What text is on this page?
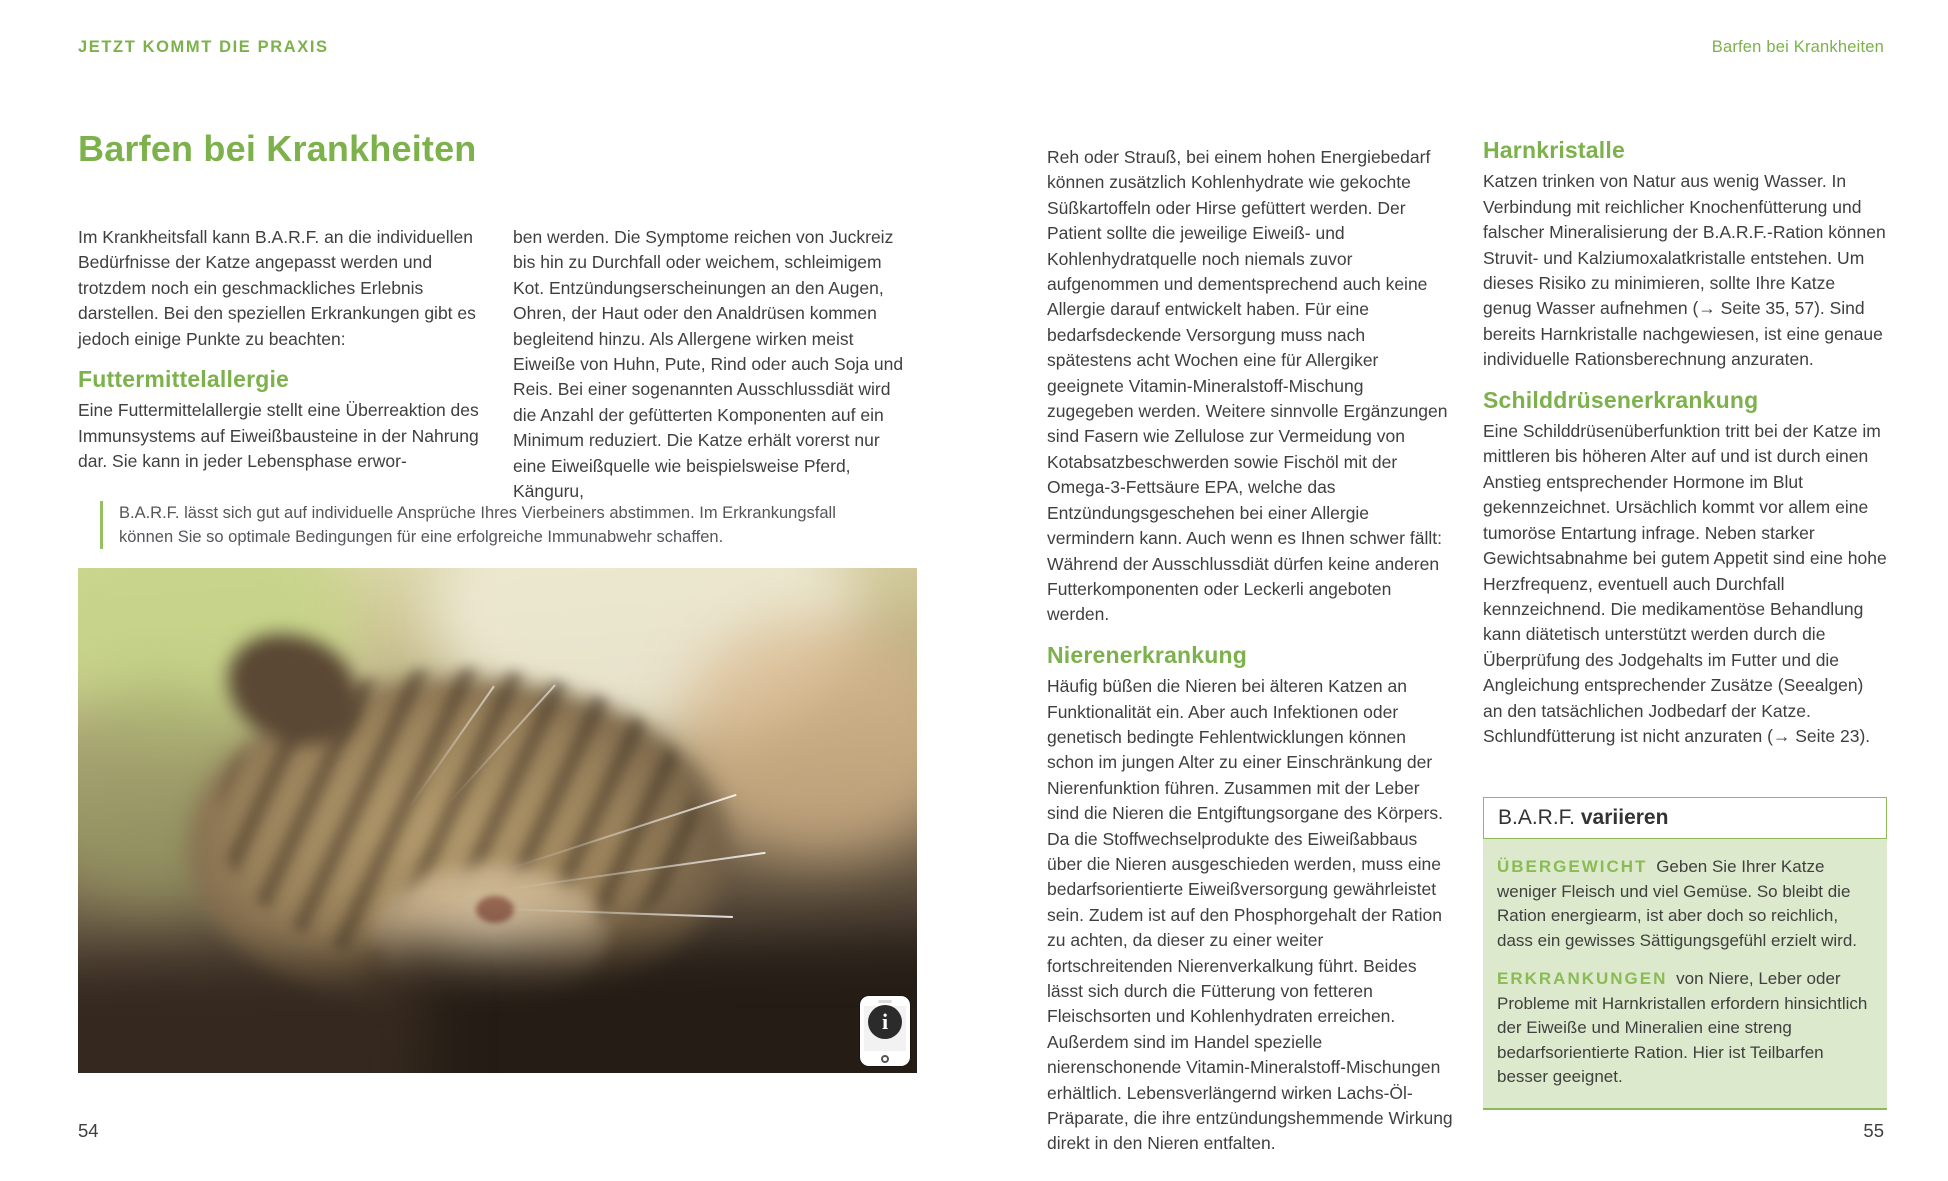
JETZT KOMMT DIE PRAXIS	Barfen bei Krankheiten
Barfen bei Krankheiten

Im Krankheitsfall kann B.A.R.F. an die individuellen Bedürfnisse der Katze angepasst werden und trotzdem noch ein geschmackliches Erlebnis darstellen. Bei den speziellen Erkrankungen gibt es jedoch einige Punkte zu beachten:

Futtermittelallergie

Eine Futtermittelallergie stellt eine Überreaktion des Immunsystems auf Eiweißbausteine in der Nahrung dar. Sie kann in jeder Lebensphase erwor-

ben werden. Die Symptome reichen von Juckreiz bis hin zu Durchfall oder weichem, schleimigem Kot. Entzündungserscheinungen an den Augen, Ohren, der Haut oder den Analdrüsen kommen begleitend hinzu. Als Allergene wirken meist Eiweiße von Huhn, Pute, Rind oder auch Soja und Reis. Bei einer sogenannten Ausschlussdiät wird die Anzahl der gefütterten Komponenten auf ein Minimum reduziert. Die Katze erhält vorerst nur eine Eiweißquelle wie beispielsweise Pferd, Känguru,

B.A.R.F. lässt sich gut auf individuelle Ansprüche Ihres Vierbeiners abstimmen. Im Erkrankungsfall können Sie so optimale Bedingungen für eine erfolgreiche Immunabwehr schaffen.
i

Reh oder Strauß, bei einem hohen Energiebedarf können zusätzlich Kohlenhydrate wie gekochte Süßkartoffeln oder Hirse gefüttert werden. Der Patient sollte die jeweilige Eiweiß- und Kohlenhydratquelle noch niemals zuvor aufgenommen und dementsprechend auch keine Allergie darauf entwickelt haben. Für eine bedarfsdeckende Versorgung muss nach spätestens acht Wochen eine für Allergiker geeignete Vitamin-Mineralstoff-Mischung zugegeben werden. Weitere sinnvolle Ergänzungen sind Fasern wie Zellulose zur Vermeidung von Kotabsatzbeschwerden sowie Fischöl mit der Omega-3-Fettsäure EPA, welche das Entzündungsgeschehen bei einer Allergie vermindern kann. Auch wenn es Ihnen schwer fällt: Während der Ausschlussdiät dürfen keine anderen Futterkomponenten oder Leckerli angeboten werden.

Nierenerkrankung

Häufig büßen die Nieren bei älteren Katzen an Funktionalität ein. Aber auch Infektionen oder genetisch bedingte Fehlentwicklungen können schon im jungen Alter zu einer Einschränkung der Nierenfunktion führen. Zusammen mit der Leber sind die Nieren die Entgiftungsorgane des Körpers. Da die Stoffwechselprodukte des Eiweißabbaus über die Nieren ausgeschieden werden, muss eine bedarfsorientierte Eiweißversorgung gewährleistet sein. Zudem ist auf den Phosphorgehalt der Ration zu achten, da dieser zu einer weiter fortschreitenden Nierenverkalkung führt. Beides lässt sich durch die Fütterung von fetteren Fleischsorten und Kohlenhydraten erreichen. Außerdem sind im Handel spezielle nierenschonende Vitamin-Mineralstoff-Mischungen erhältlich. Lebensverlängernd wirken Lachs-Öl-Präparate, die ihre entzündungshemmende Wirkung direkt in den Nieren entfalten.

Harnkristalle

Katzen trinken von Natur aus wenig Wasser. In Verbindung mit reichlicher Knochenfütterung und falscher Mineralisierung der B.A.R.F.-Ration können Struvit- und Kalziumoxalatkristalle entstehen. Um dieses Risiko zu minimieren, sollte Ihre Katze genug Wasser aufnehmen (→ Seite 35, 57). Sind bereits Harnkristalle nachgewiesen, ist eine genaue individuelle Rationsberechnung anzuraten.

Schilddrüsenerkrankung

Eine Schilddrüsenüberfunktion tritt bei der Katze im mittleren bis höheren Alter auf und ist durch einen Anstieg entsprechender Hormone im Blut gekennzeichnet. Ursächlich kommt vor allem eine tumoröse Entartung infrage. Neben starker Gewichtsabnahme bei gutem Appetit sind eine hohe Herzfrequenz, eventuell auch Durchfall kennzeichnend. Die medikamentöse Behandlung kann diätetisch unterstützt werden durch die Überprüfung des Jodgehalts im Futter und die Angleichung entsprechender Zusätze (Seealgen) an den tatsächlichen Jodbedarf der Katze. Schlundfütterung ist nicht anzuraten (→ Seite 23).

B.A.R.F. variieren

ÜBERGEWICHT Geben Sie Ihrer Katze weniger Fleisch und viel Gemüse. So bleibt die Ration energiearm, ist aber doch so reichlich, dass ein gewisses Sättigungsgefühl erzielt wird.

ERKRANKUNGEN von Niere, Leber oder Probleme mit Harnkristallen erfordern hinsichtlich der Eiweiße und Mineralien eine streng bedarfsorientierte Ration. Hier ist Teilbarfen besser geeignet.

54	55
